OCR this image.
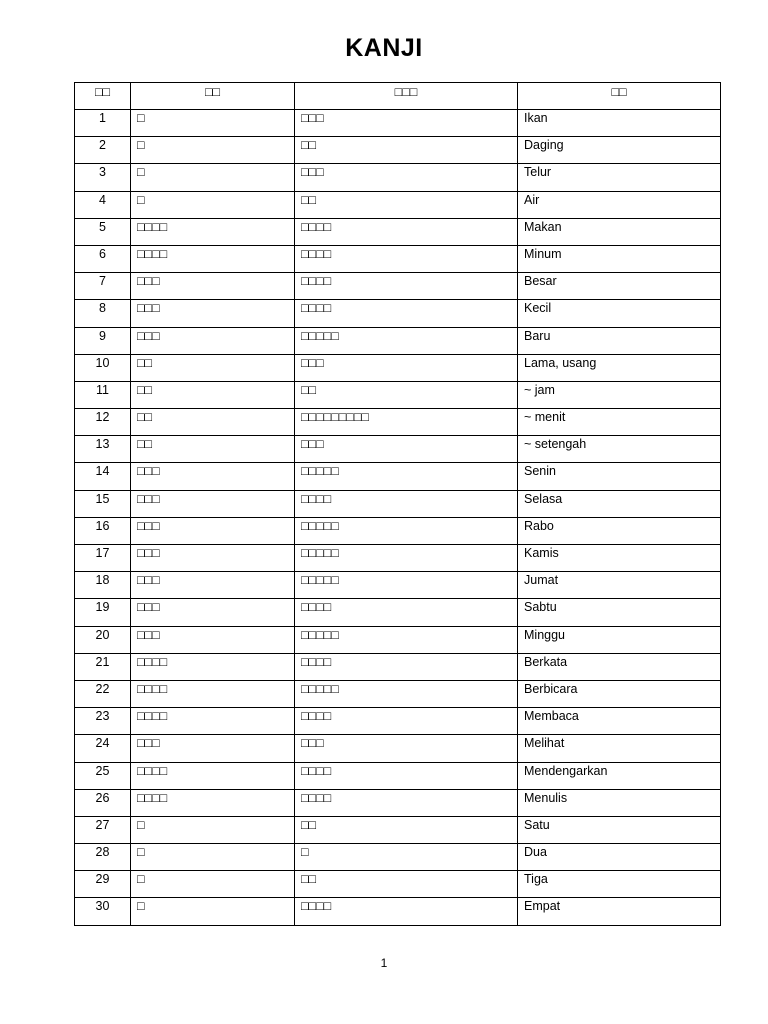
KANJI
□□	□□	□□□	□□
1	□	□□□	Ikan
2	□	□□	Daging
3	□	□□□	Telur
4	□	□□	Air
5	□□□□	□□□□	Makan
6	□□□□	□□□□	Minum
7	□□□	□□□□	Besar
8	□□□	□□□□	Kecil
9	□□□	□□□□□	Baru
10	□□	□□□	Lama, usang
11	□□	□□	~ jam
12	□□	□□□□□□□□□	~ menit
13	□□	□□□	~ setengah
14	□□□	□□□□□	Senin
15	□□□	□□□□	Selasa
16	□□□	□□□□□	Rabo
17	□□□	□□□□□	Kamis
18	□□□	□□□□□	Jumat
19	□□□	□□□□	Sabtu
20	□□□	□□□□□	Minggu
21	□□□□	□□□□	Berkata
22	□□□□	□□□□□	Berbicara
23	□□□□	□□□□	Membaca
24	□□□	□□□	Melihat
25	□□□□	□□□□	Mendengarkan
26	□□□□	□□□□	Menulis
27	□	□□	Satu
28	□	□	Dua
29	□	□□	Tiga
30	□	□□□□	Empat
1
